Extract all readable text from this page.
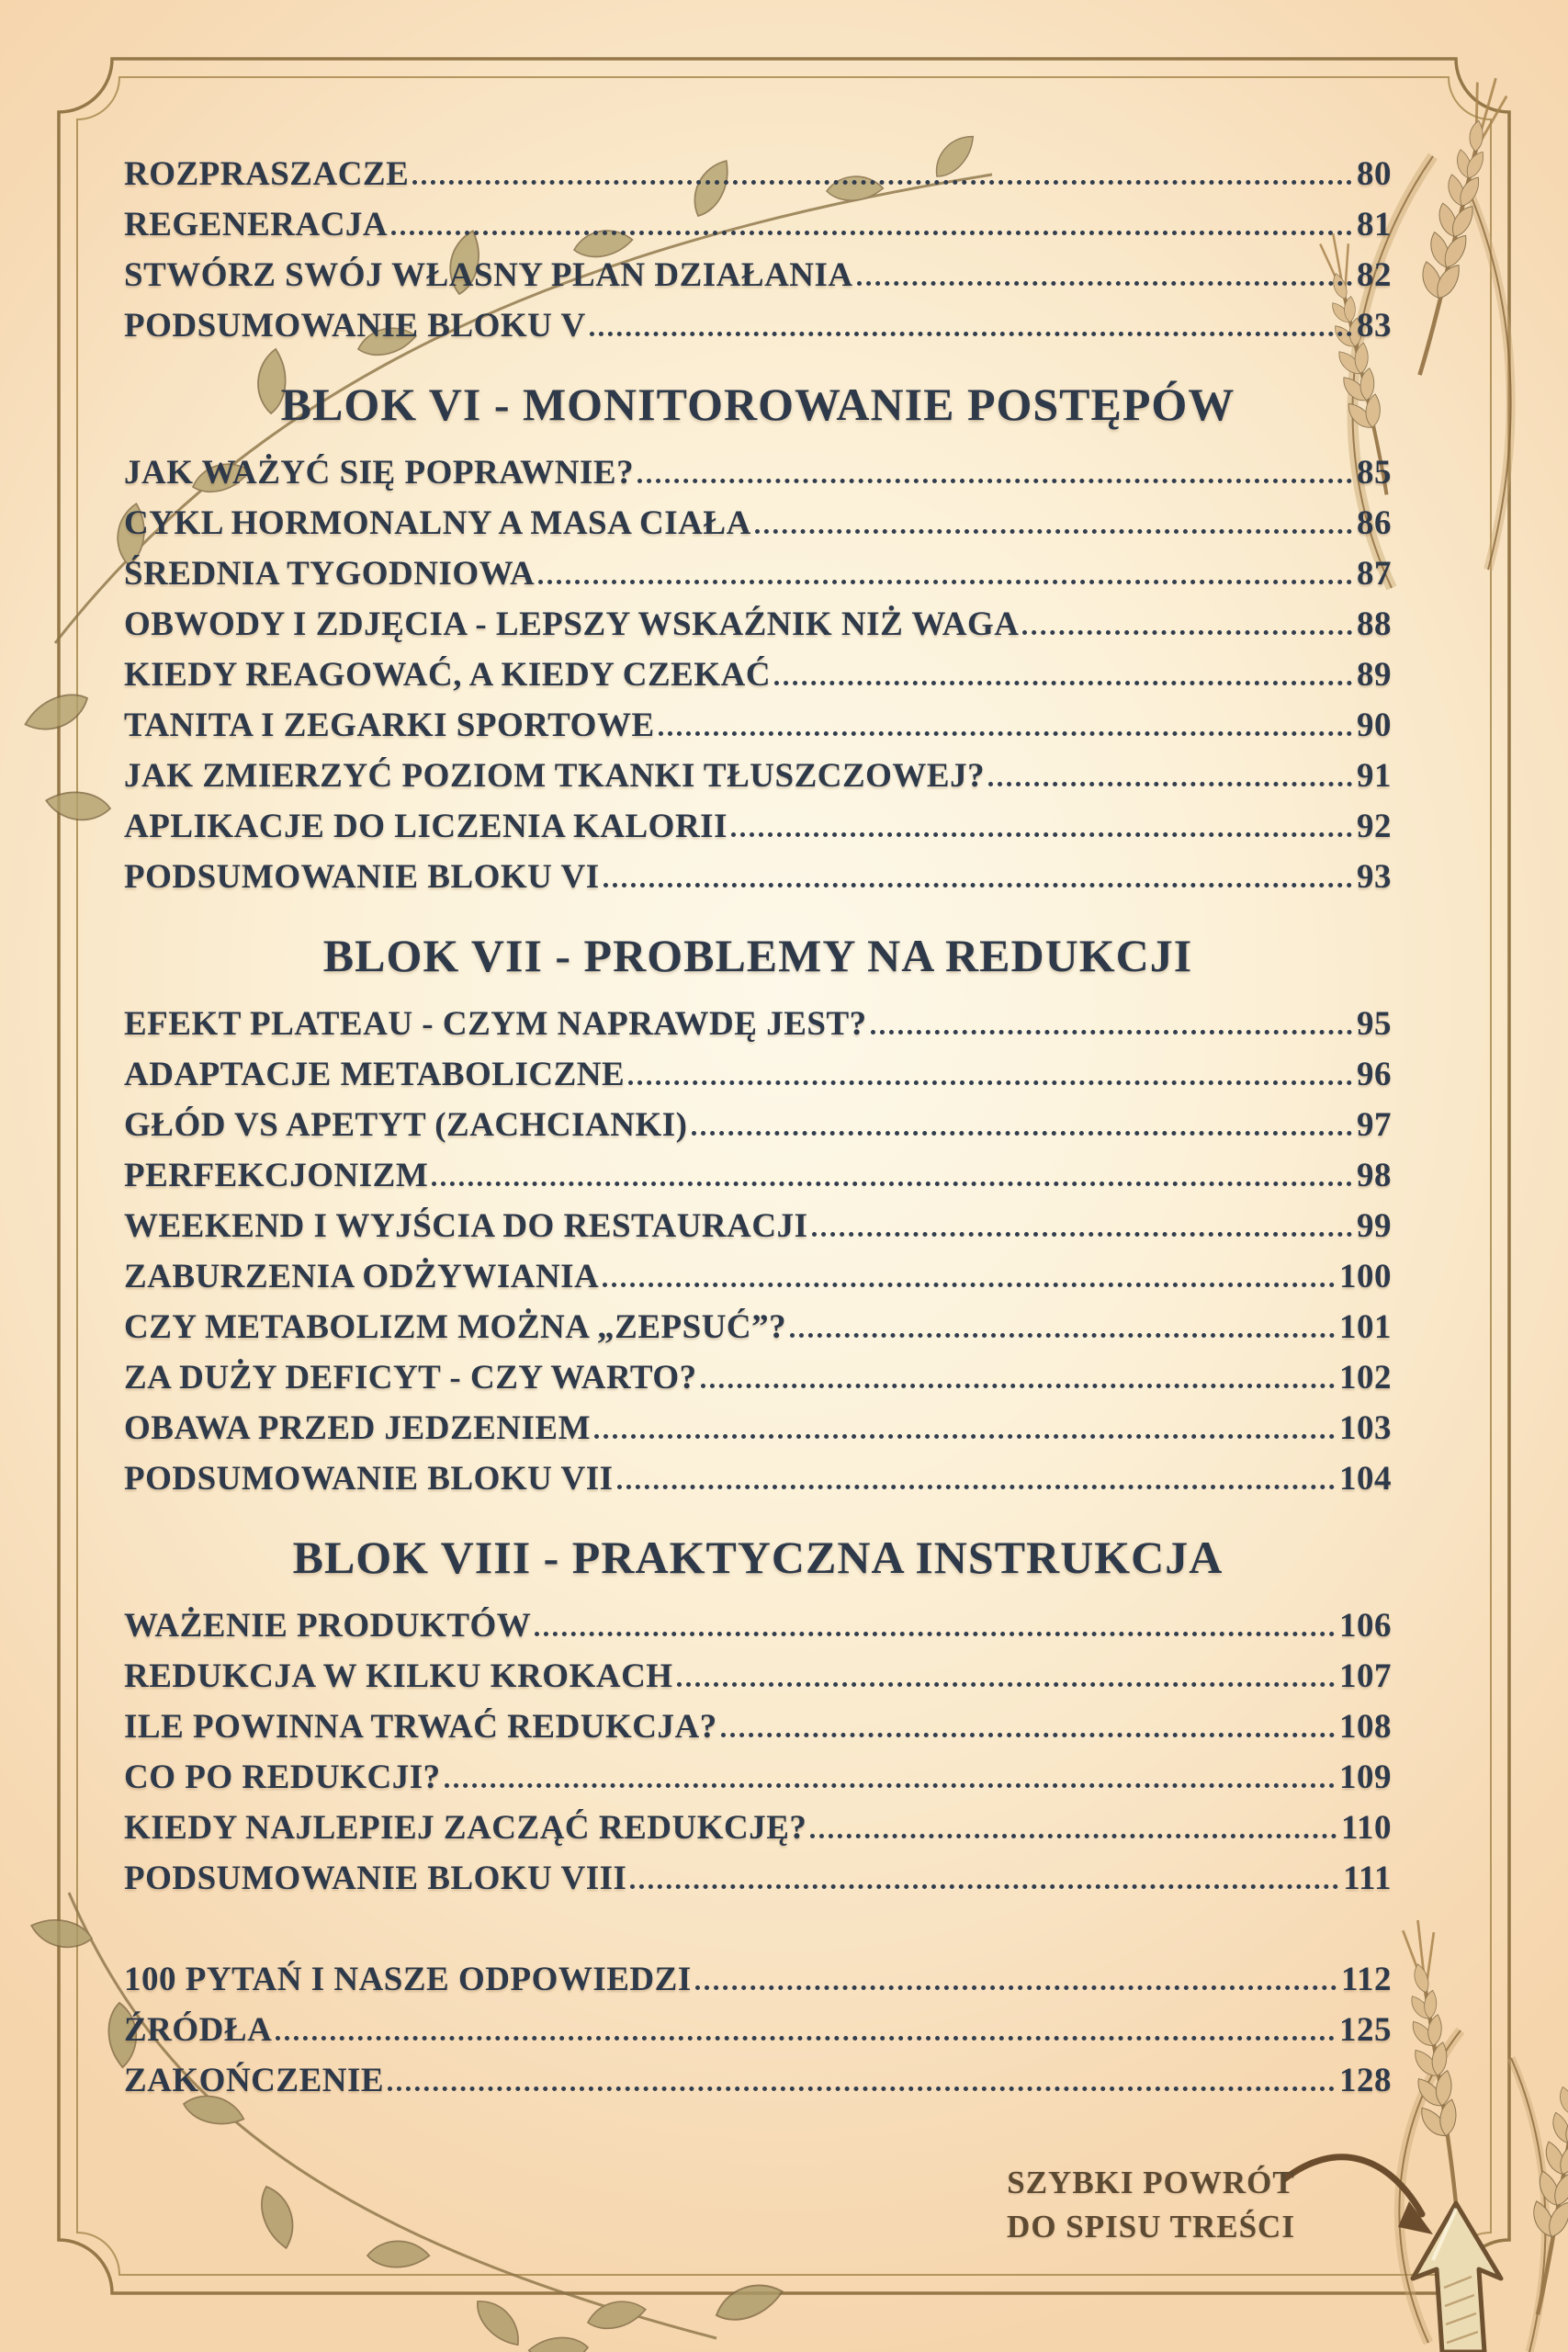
ROZPRASZACZE	80
REGENERACJA	81
STWÓRZ SWÓJ WŁASNY PLAN DZIAŁANIA	82
PODSUMOWANIE BLOKU V	83
BLOK VI - MONITOROWANIE POSTĘPÓW
JAK WAŻYĆ SIĘ POPRAWNIE?	85
CYKL HORMONALNY A MASA CIAŁA	86
ŚREDNIA TYGODNIOWA	87
OBWODY I ZDJĘCIA - LEPSZY WSKAŹNIK NIŻ WAGA	88
KIEDY REAGOWAĆ, A KIEDY CZEKAĆ	89
TANITA I ZEGARKI SPORTOWE	90
JAK ZMIERZYĆ POZIOM TKANKI TŁUSZCZOWEJ?	91
APLIKACJE DO LICZENIA KALORII	92
PODSUMOWANIE BLOKU VI	93
BLOK VII - PROBLEMY NA REDUKCJI
EFEKT PLATEAU - CZYM NAPRAWDĘ JEST?	95
ADAPTACJE METABOLICZNE	96
GŁÓD VS APETYT (ZACHCIANKI)	97
PERFEKCJONIZM	98
WEEKEND I WYJŚCIA DO RESTAURACJI	99
ZABURZENIA ODŻYWIANIA	100
CZY METABOLIZM MOŻNA „ZEPSUĆ”?	101
ZA DUŻY DEFICYT - CZY WARTO?	102
OBAWA PRZED JEDZENIEM	103
PODSUMOWANIE BLOKU VII	104
BLOK VIII - PRAKTYCZNA INSTRUKCJA
WAŻENIE PRODUKTÓW	106
REDUKCJA W KILKU KROKACH	107
ILE POWINNA TRWAĆ REDUKCJA?	108
CO PO REDUKCJI?	109
KIEDY NAJLEPIEJ ZACZĄĆ REDUKCJĘ?	110
PODSUMOWANIE BLOKU VIII	111
100 PYTAŃ I NASZE ODPOWIEDZI	112
ŹRÓDŁA	125
ZAKOŃCZENIE	128
SZYBKI POWRÓT
DO SPISU TREŚCI
